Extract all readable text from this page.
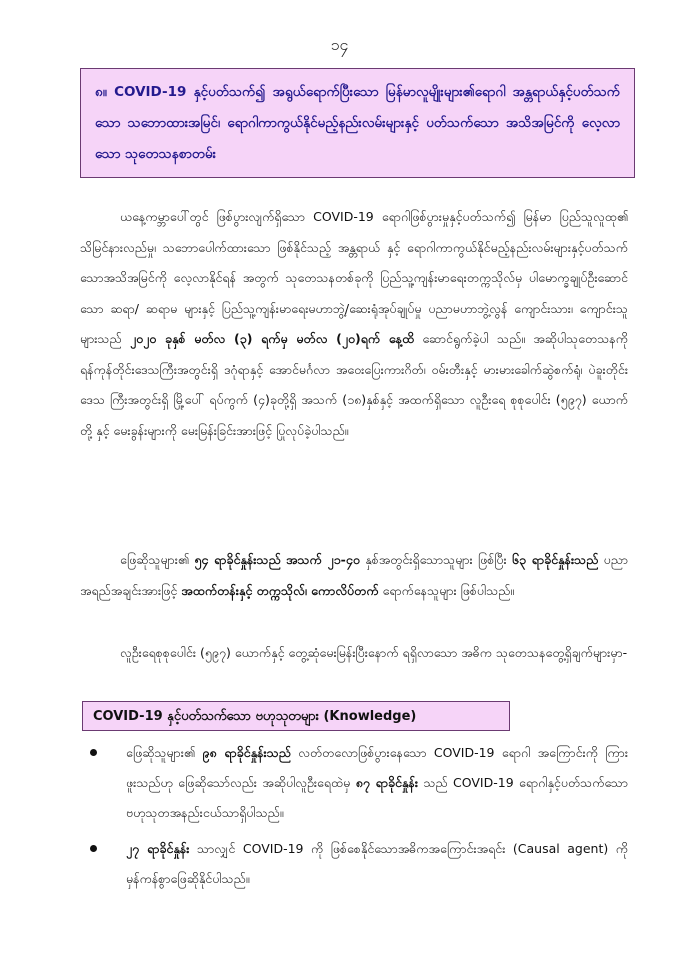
၁၄

၈။ COVID-19 နှင့်ပတ်သက်၍ အရွယ်ရောက်ပြီးသော မြန်မာလူမျိုးများ၏ရောဂါ အန္တရာယ်နှင့်ပတ်သက်သော သဘောထားအမြင်၊ ရောဂါကာကွယ်နိုင်မည့်နည်းလမ်းများနှင့် ပတ်သက်သော အသိအမြင်ကို လေ့လာသော သုတေသနစာတမ်း

ယနေ့ကမ္ဘာပေါ်တွင် ဖြစ်ပွားလျက်ရှိသော COVID-19 ရောဂါဖြစ်ပွားမှုနှင့်ပတ်သက်၍ မြန်မာ ပြည်သူလူထု၏ သိမြင်နားလည်မှု၊ သဘောပေါက်ထားသော ဖြစ်နိုင်သည့် အန္တရာယ် နှင့် ရောဂါကာကွယ်နိုင်မည့်နည်းလမ်းများနှင့်ပတ်သက်သောအသိအမြင်ကို လေ့လာနိုင်ရန် အတွက် သုတေသနတစ်ခုကို ပြည်သူ့ကျန်းမာရေးတက္ကသိုလ်မှ ပါမောက္ခချုပ်ဦးဆောင်သော ဆရာ/ ဆရာမ များနှင့် ပြည်သူ့ကျန်းမာရေးမဟာဘွဲ့/ဆေးရုံအုပ်ချုပ်မှု ပညာမဟာဘွဲ့လွန် ကျောင်းသား၊ ကျောင်းသူများသည် ၂၀၂၀ ခုနှစ် မတ်လ (၃) ရက်မှ မတ်လ (၂၀)ရက် နေ့ထိ ဆောင်ရွက်ခဲ့ပါ သည်။ အဆိုပါသုတေသနကို ရန်ကုန်တိုင်းဒေသကြီးအတွင်းရှိ ဒဂုံရာနှင့် အောင်မင်္ဂလာ အဝေးပြေးကားဂိတ်၊ ဝမ်းတီးနှင့် မားမားခေါက်ဆွဲစက်ရုံ၊ ပဲခူးတိုင်းဒေသ ကြီးအတွင်းရှိ မြို့ပေါ် ရပ်ကွက် (၄)ခုတို့ရှိ အသက် (၁၈)နှစ်နှင့် အထက်ရှိသော လူဦးရေ စုစုပေါင်း (၅၉၇) ယောက်တို့ နှင့် မေးခွန်းများကို မေးမြန်းခြင်းအားဖြင့် ပြုလုပ်ခဲ့ပါသည်။

ဖြေဆိုသူများ၏ ၅၄ ရာခိုင်နှုန်းသည် အသက် ၂၁-၄၀ နှစ်အတွင်းရှိသောသူများ ဖြစ်ပြီး ၆၃ ရာခိုင်နှုန်းသည် ပညာအရည်အချင်းအားဖြင့် အထက်တန်းနှင့် တက္ကသိုလ်၊ ကောလိပ်တက် ရောက်နေသူများ ဖြစ်ပါသည်။

လူဦးရေစုစုပေါင်း (၅၉၇) ယောက်နှင့် တွေ့ဆုံမေးမြန်းပြီးနောက် ရရှိလာသော အဓိက သုတေသနတွေ့ရှိချက်များမှာ-

COVID-19 နှင့်ပတ်သက်သော ဗဟုသုတများ (Knowledge)
ဖြေဆိုသူများ၏ ၉၈ ရာခိုင်နှုန်းသည် လတ်တလောဖြစ်ပွားနေသော COVID-19 ရောဂါ အကြောင်းကို ကြားဖူးသည်ဟု ဖြေဆိုသော်လည်း အဆိုပါလူဦးရေထဲမှ ၈၇ ရာခိုင်နှုန်း သည် COVID-19 ရောဂါနှင့်ပတ်သက်သော ဗဟုသုတအနည်းငယ်သာရှိပါသည်။
၂၇ ရာခိုင်နှုန်း သာလျှင် COVID-19 ကို ဖြစ်စေနိုင်သောအဓိကအကြောင်းအရင်း (Causal agent) ကို မှန်ကန်စွာဖြေဆိုနိုင်ပါသည်။
